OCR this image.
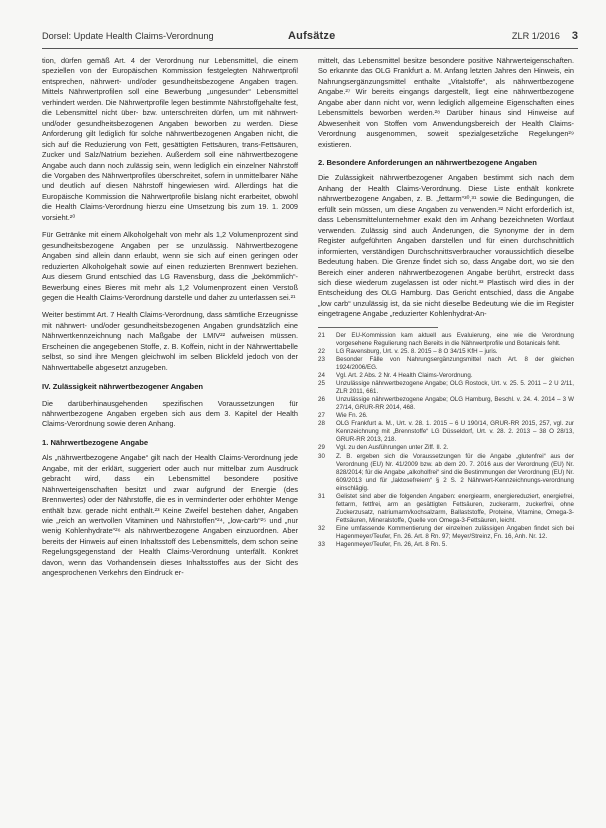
Dorsel: Update Health Claims-Verordnung	Aufsätze	ZLR 1/2016 3

tion, dürfen gemäß Art. 4 der Verordnung nur Lebensmittel, die einem speziellen von der Europäischen Kommission festgelegten Nährwertprofil entsprechen, nährwert- und/oder gesundheitsbezogene Angaben tragen. Mittels Nährwertprofilen soll eine Bewerbung „ungesunder“ Lebensmittel verhindert werden. Die Nährwertprofile legen bestimmte Nährstoffgehalte fest, die Lebensmittel nicht über- bzw. unterschreiten dürfen, um mit nährwert- und/oder gesundheitsbezogenen Angaben beworben zu werden. Diese Anforderung gilt lediglich für solche nährwertbezogenen Angaben nicht, die sich auf die Reduzierung von Fett, gesättigten Fettsäuren, trans-Fettsäuren, Zucker und Salz/Natrium beziehen. Außerdem soll eine nährwertbezogene Angabe auch dann noch zulässig sein, wenn lediglich ein einzelner Nährstoff die Vorgaben des Nährwertprofiles überschreitet, sofern in unmittelbarer Nähe und deutlich auf diesen Nährstoff hingewiesen wird. Allerdings hat die Europäische Kommission die Nährwertprofile bislang nicht erarbeitet, obwohl die Health Claims-Verordnung hierzu eine Umsetzung bis zum 19. 1. 2009 vorsieht.²⁰

Für Getränke mit einem Alkoholgehalt von mehr als 1,2 Volumenprozent sind gesundheitsbezogene Angaben per se unzulässig. Nährwertbezogene Angaben sind allein dann erlaubt, wenn sie sich auf einen geringen oder reduzierten Alkoholgehalt sowie auf einen reduzierten Brennwert beziehen. Aus diesem Grund entschied das LG Ravensburg, dass die „bekömmlich“-Bewerbung eines Bieres mit mehr als 1,2 Volumenprozent einen Verstoß gegen die Health Claims-Verordnung darstelle und daher zu unterlassen sei.²¹

Weiter bestimmt Art. 7 Health Claims-Verordnung, dass sämtliche Erzeugnisse mit nährwert- und/oder gesundheitsbezogenen Angaben grundsätzlich eine Nährwertkennzeichnung nach Maßgabe der LMIV²² aufweisen müssen. Erscheinen die angegebenen Stoffe, z. B. Koffein, nicht in der Nährwerttabelle selbst, so sind ihre Mengen gleichwohl im selben Blickfeld jedoch von der Nährwerttabelle abgesetzt anzugeben.

IV. Zulässigkeit nährwertbezogener Angaben

Die darüberhinausgehenden spezifischen Voraussetzungen für nährwertbezogene Angaben ergeben sich aus dem 3. Kapitel der Health Claims-Verordnung sowie deren Anhang.

1. Nährwertbezogene Angabe

Als „nährwertbezogene Angabe“ gilt nach der Health Claims-Verordnung jede Angabe, mit der erklärt, suggeriert oder auch nur mittelbar zum Ausdruck gebracht wird, dass ein Lebensmittel besondere positive Nährwerteigenschaften besitzt und zwar aufgrund der Energie (des Brennwertes) oder der Nährstoffe, die es in verminderter oder erhöhter Menge enthält bzw. gerade nicht enthält.²³ Keine Zweifel bestehen daher, Angaben wie „reich an wertvollen Vitaminen und Nährstoffen“²⁴, „low-carb“²⁵ und „nur wenig Kohlenhydrate“²⁶ als nährwertbezogene Angaben einzuordnen. Aber bereits der Hinweis auf einen Inhaltsstoff des Lebensmittels, dem schon seine Regelungsgegenstand der Health Claims-Verordnung unterfällt. Konkret davon, wenn das Vorhandensein dieses Inhaltsstoffes aus der Sicht des angesprochenen Verkehrs den Eindruck er-

mittelt, das Lebensmittel besitze besondere positive Nährwerteigenschaften. So erkannte das OLG Frankfurt a. M. Anfang letzten Jahres den Hinweis, ein Nahrungsergänzungsmittel enthalte „Vitalstoffe“, als nährwertbezogene Angabe.²⁷ Wir bereits eingangs dargestellt, liegt eine nährwertbezogene Angabe aber dann nicht vor, wenn lediglich allgemeine Eigenschaften eines Lebensmittels beworben werden.²⁸ Darüber hinaus sind Hinweise auf Abwesenheit von Stoffen vom Anwendungsbereich der Health Claims-Verordnung ausgenommen, soweit spezialgesetzliche Regelungen²⁹ existieren.

2. Besondere Anforderungen an nährwertbezogene Angaben

Die Zulässigkeit nährwertbezogener Angaben bestimmt sich nach dem Anhang der Health Claims-Verordnung. Diese Liste enthält konkrete nährwertbezogene Angaben, z. B. „fettarm“³⁰,³¹ sowie die Bedingungen, die erfüllt sein müssen, um diese Angaben zu verwenden.³² Nicht erforderlich ist, dass Lebensmittelunternehmer exakt den im Anhang bezeichneten Wortlaut verwenden. Zulässig sind auch Änderungen, die Synonyme der in dem Register aufgeführten Angaben darstellen und für einen durchschnittlich informierten, verständigen Durchschnittsverbraucher voraussichtlich dieselbe Bedeutung haben. Die Grenze findet sich so, dass Angabe dort, wo sie den Bereich einer anderen nährwertbezogenen Angabe berührt, erstreckt dass sich diese wiederum zugelassen ist oder nicht.³³ Plastisch wird dies in der Entscheidung des OLG Hamburg. Das Gericht entschied, dass die Angabe „low carb“ unzulässig ist, da sie nicht dieselbe Bedeutung wie die im Register eingetragene Angabe „reduzierter Kohlenhydrat-An-

21	Der EU-Kommission kam aktuell aus Evaluierung, eine wie die Verordnung vorgesehene Regulierung nach Bereits in die Nährwertprofile und Botanicals fehlt.
22	LG Ravensburg, Urt. v. 25. 8. 2015 – 8 O 34/15 KfH – juris.
23	Besonder Fälle von Nahrungsergänzungsmittel nach Art. 8 der gleichen 1924/2006/EG.
24	Vgl. Art. 2 Abs. 2 Nr. 4 Health Claims-Verordnung.
25	Unzulässige nährwertbezogene Angabe; OLG Rostock, Urt. v. 25. 5. 2011 – 2 U 2/11, ZLR 2011, 661.
26	Unzulässige nährwertbezogene Angabe; OLG Hamburg, Beschl. v. 24. 4. 2014 – 3 W 27/14, GRUR-RR 2014, 468.
27	Wie Fn. 26.
28	OLG Frankfurt a. M., Urt. v. 28. 1. 2015 – 6 U 190/14, GRUR-RR 2015, 257, vgl. zur Kennzeichnung mit „Brennstoffe“ LG Düsseldorf, Urt. v. 28. 2. 2013 – 38 O 28/13, GRUR-RR 2013, 218.
29	Vgl. zu den Ausführungen unter Ziff. II. 2.
30	Z. B. ergeben sich die Voraussetzungen für die Angabe „glutenfrei“ aus der Verordnung (EU) Nr. 41/2009 bzw. ab dem 20. 7. 2016 aus der Verordnung (EU) Nr. 828/2014; für die Angabe „alkoholfrei“ sind die Bestimmungen der Verordnung (EU) Nr. 609/2013 und für „laktosefreiem“ § 2 S. 2 Nährwert-Kennzeichnungs-verordnung einschlägig.
31	Gelistet sind aber die folgenden Angaben: energiearm, energiereduziert, energiefrei, fettarm, fettfrei, arm an gesättigten Fettsäuren, zuckerarm, zuckerfrei, ohne Zuckerzusatz, natriumarm/kochsalzarm, Ballaststoffe, Proteine, Vitamine, Omega-3-Fettsäuren, Mineralstoffe, Quelle von Omega-3-Fettsäuren, leicht.
32	Eine umfassende Kommentierung der einzelnen zulässigen Angaben findet sich bei Hagenmeyer/Teufer, Fn. 26. Art. 8 Rn. 97; Meyer/Streinz, Fn. 16, Anh. Nr. 12.
33	Hagenmeyer/Teufer, Fn. 26, Art. 8 Rn. 5.
